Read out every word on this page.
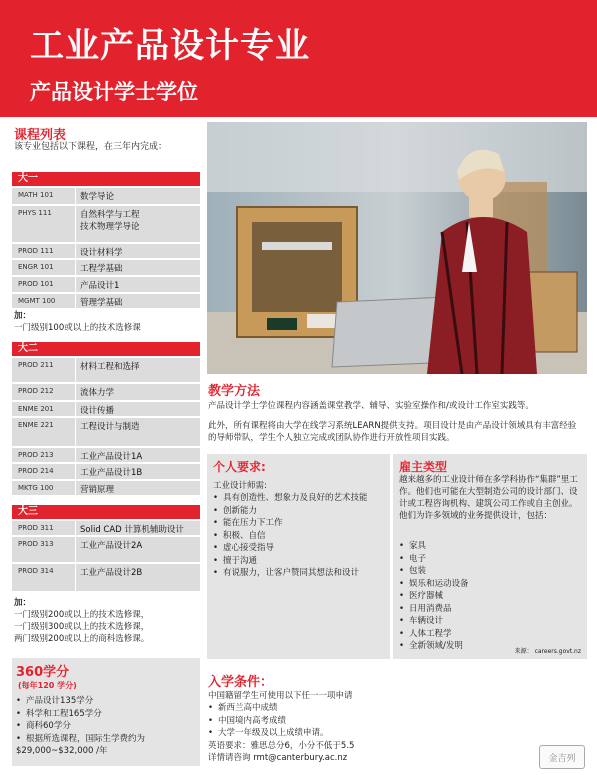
工业产品设计专业
产品设计学士学位
课程列表
该专业包括以下课程，在三年内完成：
大一
MATH 101	数学导论
PHYS 111	自然科学与工程
技术物理学导论
PROD 111	设计材料学
ENGR 101	工程学基础
PROD 101	产品设计1
MGMT 100	管理学基础
加：
一门级别100或以上的技术选修课
大二
PROD 211	材料工程和选择
PROD 212	流体力学
ENME 201	设计传播
ENME 221	工程设计与制造
PROD 213	工业产品设计1A
PROD 214	工业产品设计1B
MKTG 100	营销原理
大三
PROD 311	Solid CAD 计算机辅助设计
PROD 313	工业产品设计2A
PROD 314	工业产品设计2B
加：
一门级别200或以上的技术选修课，
一门级别300或以上的技术选修课，
两门级别200或以上的商科选修课。
教学方法
产品设计学士学位课程内容涵盖课堂教学、辅导、实验室操作和/或设计工作室实践等。
此外，所有课程将由大学在线学习系统LEARN提供支持。项目设计是由产品设计领域具有丰富经验的导师带队，学生个人独立完成或团队协作进行开放性项目实践。
个人要求:
工业设计师需:
• 具有创造性、想象力及良好的艺术技能
• 创新能力
• 能在压力下工作
• 积极、自信
• 虚心接受指导
• 擅于沟通
• 有说服力，让客户赞同其想法和设计
雇主类型
越来越多的工业设计师在多学科协作“集群”里工作。他们也可能在大型制造公司的设计部门、设计或工程咨询机构、建筑公司工作或自主创业。他们为许多领域的业务提供设计，包括：
• 家具
• 电子
• 包装
• 娱乐和运动设备
• 医疗器械
• 日用消费品
• 车辆设计
• 人体工程学
• 全新领域/发明
来源： careers.govt.nz
360学分
(每年120 学分)
• 产品设计135学分
• 科学和工程165学分
• 商科60学分
• 根据所选课程，国际生学费约为
$29,000~$32,000 /年
入学条件：
中国籍留学生可使用以下任一一项申请
• 新西兰高中成绩
• 中国境内高考成绩
• 大学一年级及以上成绩申请。
英语要求：雅思总分6，小分不低于5.5
详情请咨询 rmt@canterbury.ac.nz	金吉列
